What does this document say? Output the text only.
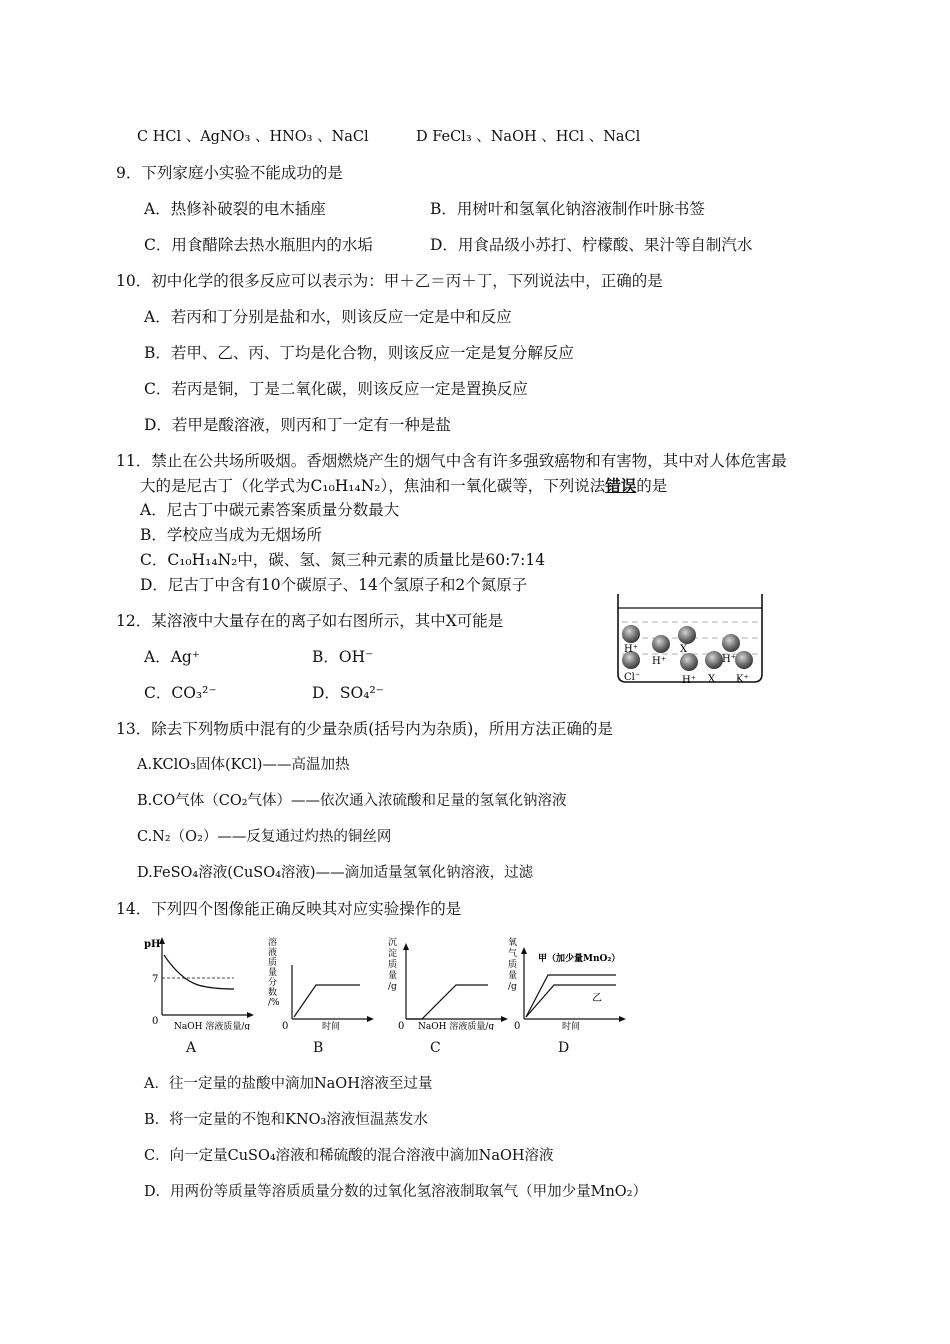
C HCl 、AgNO₃ 、HNO₃ 、NaCl	D FeCl₃ 、NaOH 、HCl 、NaCl
9．下列家庭小实验不能成功的是
A．热修补破裂的电木插座	B．用树叶和氢氧化钠溶液制作叶脉书签
C．用食醋除去热水瓶胆内的水垢	D．用食品级小苏打、柠檬酸、果汁等自制汽水
10．初中化学的很多反应可以表示为：甲＋乙＝丙＋丁，下列说法中，正确的是
A．若丙和丁分别是盐和水，则该反应一定是中和反应
B．若甲、乙、丙、丁均是化合物，则该反应一定是复分解反应
C．若丙是铜，丁是二氧化碳，则该反应一定是置换反应
D．若甲是酸溶液，则丙和丁一定有一种是盐
11．禁止在公共场所吸烟。香烟燃烧产生的烟气中含有许多强致癌物和有害物，其中对人体危害最
大的是尼古丁（化学式为C₁₀H₁₄N₂），焦油和一氧化碳等，下列说法错误的是
A．尼古丁中碳元素答案质量分数最大
B．学校应当成为无烟场所
C．C₁₀H₁₄N₂中，碳、氢、氮三种元素的质量比是60:7:14
D．尼古丁中含有10个碳原子、14个氢原子和2个氮原子
12．某溶液中大量存在的离子如右图所示，其中X可能是
A．Ag⁺	B．OH⁻
C．CO₃²⁻	D．SO₄²⁻
H⁺
H⁺
X
H⁺
H⁺ X K⁺
Cl⁻
13．除去下列物质中混有的少量杂质(括号内为杂质)，所用方法正确的是
A.KClO₃固体(KCl)——高温加热
B.CO气体（CO₂气体）——依次通入浓硫酸和足量的氢氧化钠溶液
C.N₂（O₂）——反复通过灼热的铜丝网
D.FeSO₄溶液(CuSO₄溶液)——滴加适量氢氧化钠溶液，过滤
14．下列四个图像能正确反映其对应实验操作的是
pH
7
0 NaOH 溶液质量/g
A
溶液质量分数/%
0	时间
B
沉淀质量/g
0 NaOH 溶液质量/g
C
氧气质量/g
甲（加少量MnO₂）
乙
0	时间
D
A．往一定量的盐酸中滴加NaOH溶液至过量
B．将一定量的不饱和KNO₃溶液恒温蒸发水
C．向一定量CuSO₄溶液和稀硫酸的混合溶液中滴加NaOH溶液
D．用两份等质量等溶质质量分数的过氧化氢溶液制取氧气（甲加少量MnO₂）
